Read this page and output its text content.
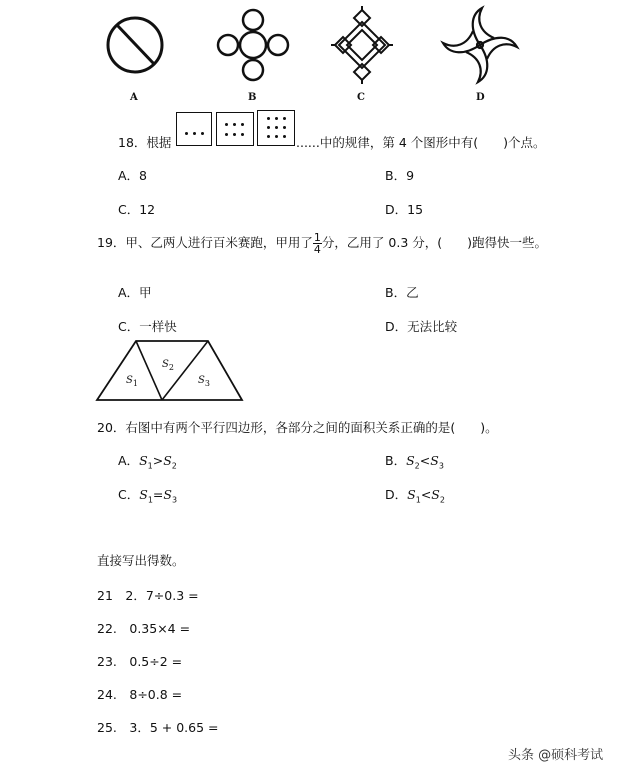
A	B	C	D
18．根据	......中的规律，第 4 个图形中有(　　)个点。
A．8	B．9
C．12	D．15
19．甲、乙两人进行百米赛跑，甲用了 $\frac{1}{4}$ 分，乙用了 0.3 分，(　　)跑得快一些。
A．甲	B．乙
C．一样快	D．无法比较
$S_1$
$S_2$
$S_3$
20．右图中有两个平行四边形，各部分之间的面积关系正确的是(　　)。
A．$S_1>S_2$	B．$S_2<S_3$
C．$S_1=S_3$	D．$S_1<S_2$
直接写出得数。
21　2．7÷0.3 =
22.　0.35×4 =
23.　0.5÷2 =
24.　8÷0.8 =
25.　3．5 + 0.65 =
头条 @硕科考试
